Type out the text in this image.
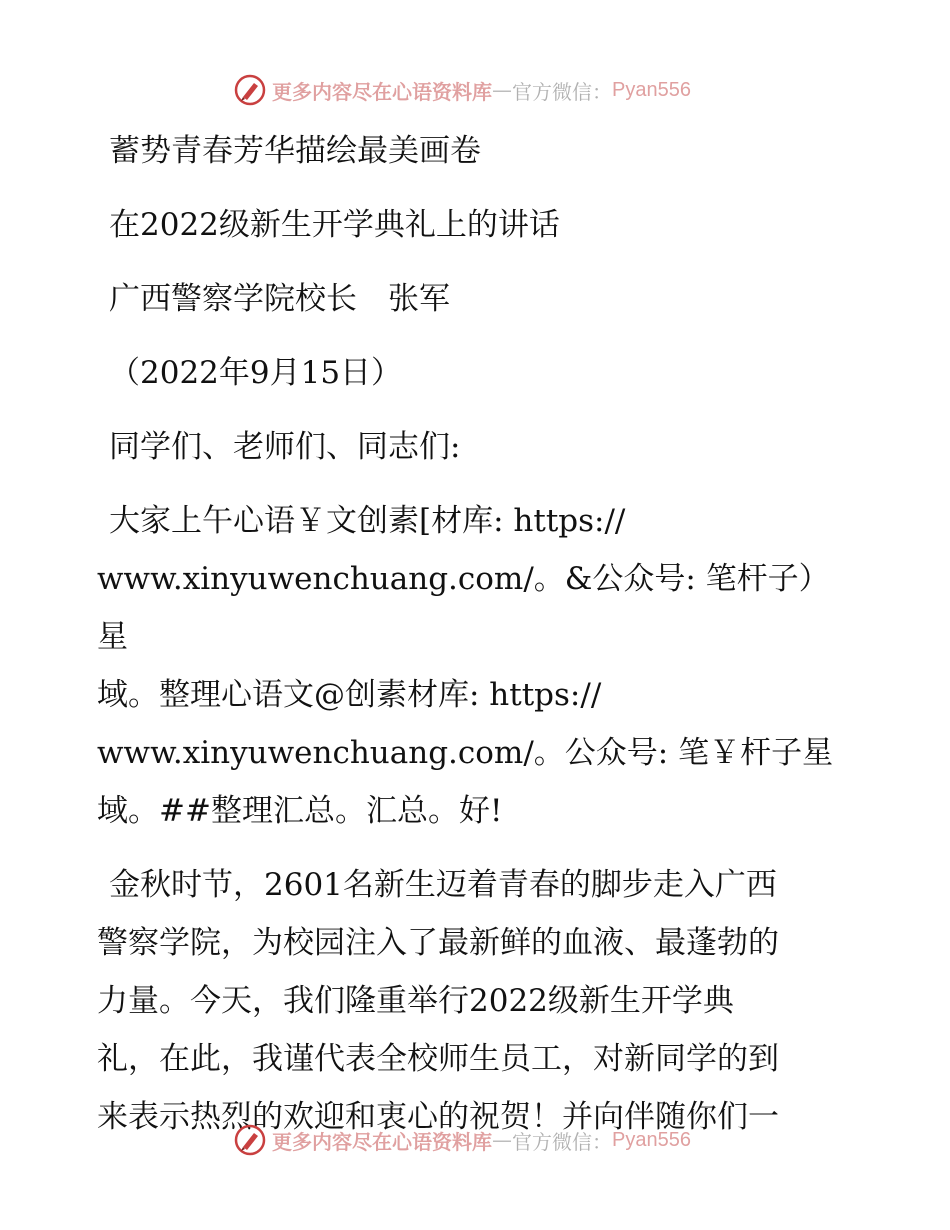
更多内容尽在心语资料库 — 官方微信： Pyan556

蓄势青春芳华描绘最美画卷

在2022级新生开学典礼上的讲话

广西警察学院校长　张军

（2022年9月15日）

同学们、老师们、同志们:

大家上午心语￥文创素[材库: https://
www.xinyuwenchuang.com/。&公众号: 笔杆子）星
域。整理心语文@创素材库: https://
www.xinyuwenchuang.com/。公众号: 笔￥杆子星
域。##整理汇总。汇总。好!
金秋时节，2601名新生迈着青春的脚步走入广西
警察学院，为校园注入了最新鲜的血液、最蓬勃的
力量。今天，我们隆重举行2022级新生开学典
礼，在此，我谨代表全校师生员工，对新同学的到
来表示热烈的欢迎和衷心的祝贺！并向伴随你们一
更多内容尽在心语资料库 — 官方微信： Pyan556
